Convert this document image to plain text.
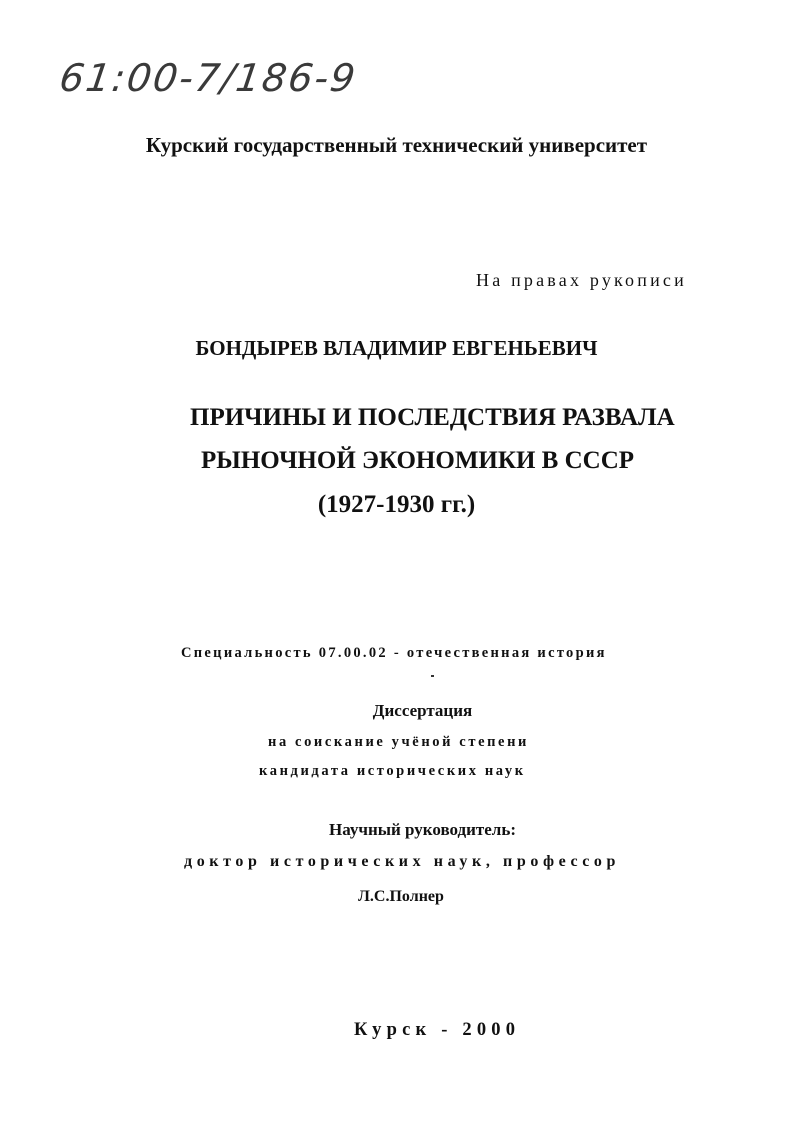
61:00-7/186-9
Курский государственный технический университет
На правах рукописи
БОНДЫРЕВ ВЛАДИМИР ЕВГЕНЬЕВИЧ
ПРИЧИНЫ И ПОСЛЕДСТВИЯ РАЗВАЛА
РЫНОЧНОЙ ЭКОНОМИКИ В СССР
(1927-1930 гг.)
Специальность 07.00.02 - отечественная история
Диссертация
на соискание учёной степени
кандидата исторических наук
Научный руководитель:
доктор исторических наук, профессор
Л.С.Полнер
Курск - 2000
